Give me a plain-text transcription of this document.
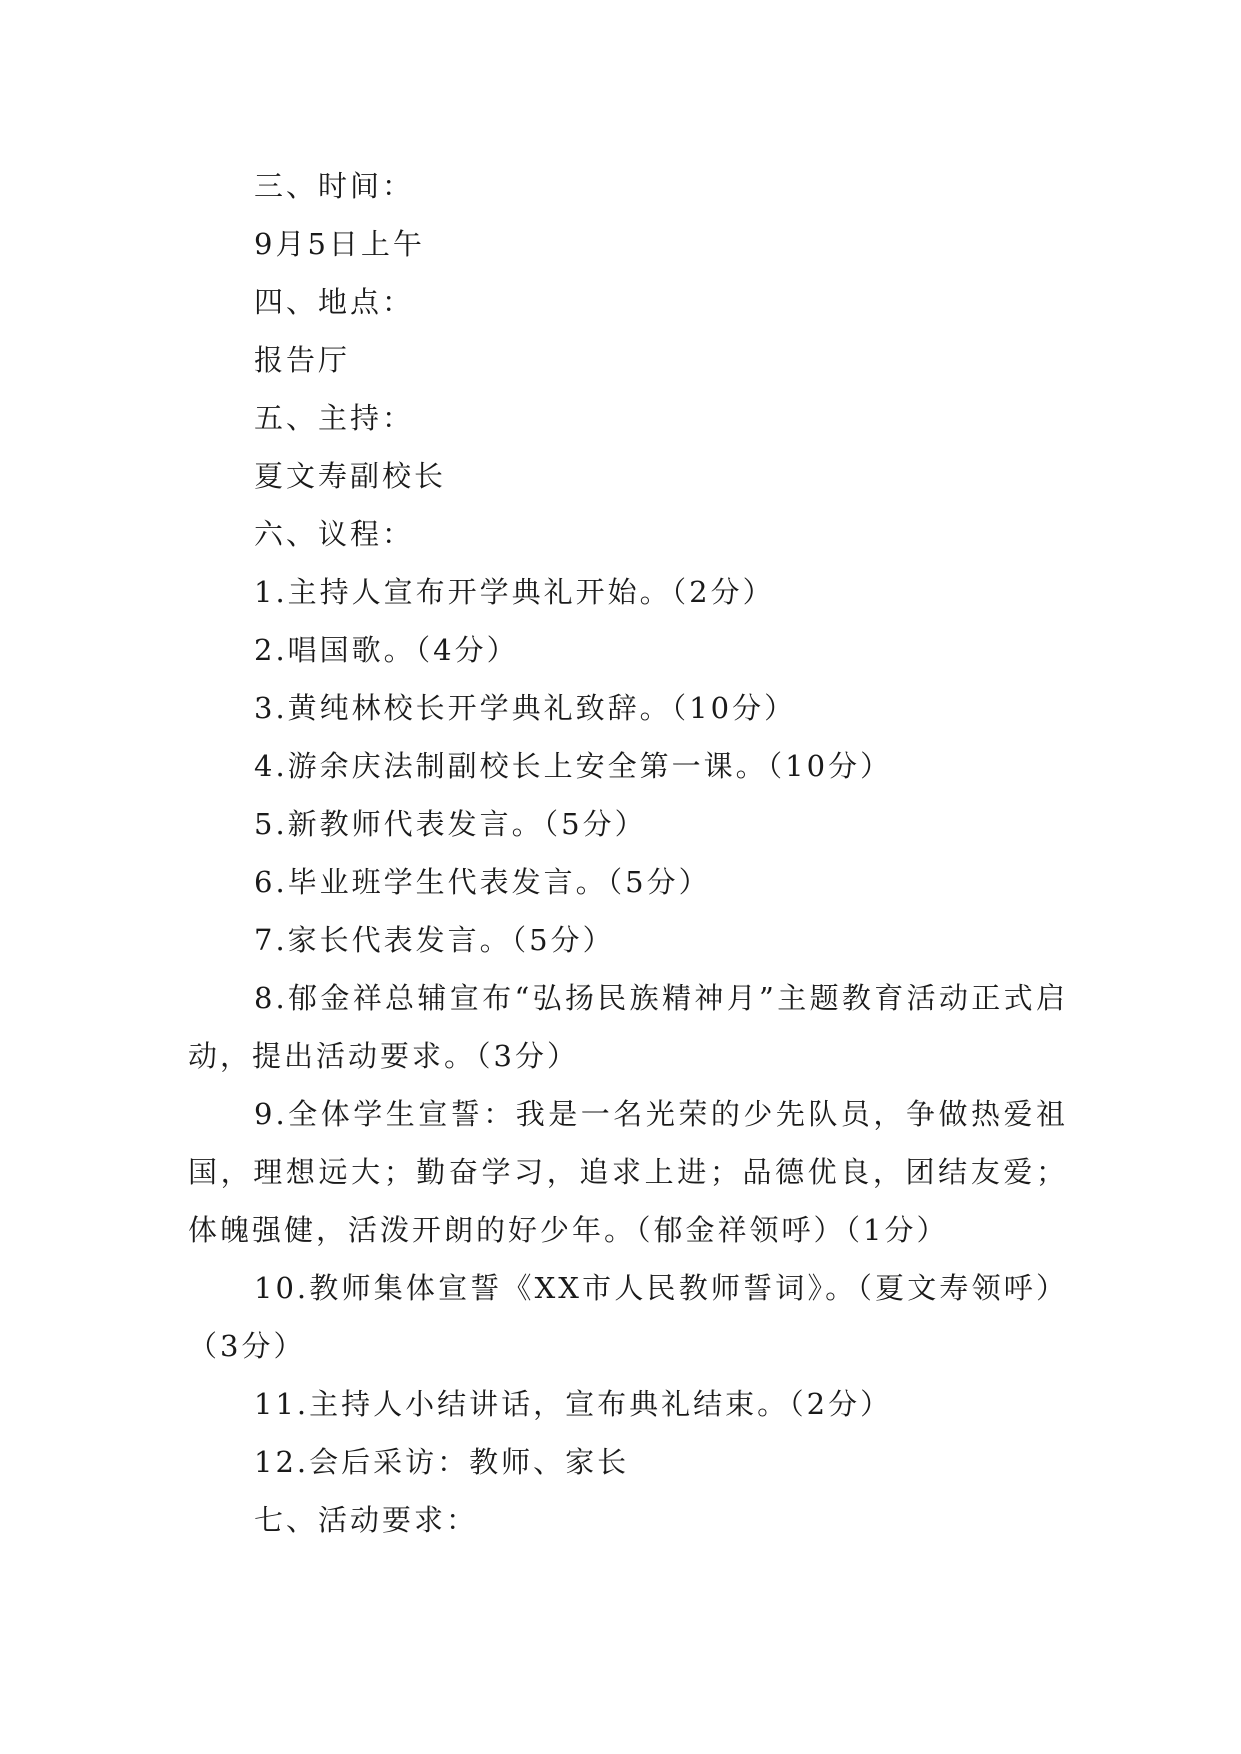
三、时间：
9月5日上午
四、地点：
报告厅
五、主持：
夏文寿副校长
六、议程：
1.主持人宣布开学典礼开始。（2分）
2.唱国歌。（4分）
3.黄纯林校长开学典礼致辞。（10分）
4.游余庆法制副校长上安全第一课。（10分）
5.新教师代表发言。（5分）
6.毕业班学生代表发言。（5分）
7.家长代表发言。（5分）
8.郁金祥总辅宣布“弘扬民族精神月”主题教育活动正式启动，提出活动要求。（3分）
9.全体学生宣誓：我是一名光荣的少先队员，争做热爱祖国，理想远大；勤奋学习，追求上进；品德优良，团结友爱；体魄强健，活泼开朗的好少年。（郁金祥领呼）（1分）
10.教师集体宣誓《XX市人民教师誓词》。（夏文寿领呼）（3分）
11.主持人小结讲话，宣布典礼结束。（2分）
12.会后采访：教师、家长
七、活动要求：
